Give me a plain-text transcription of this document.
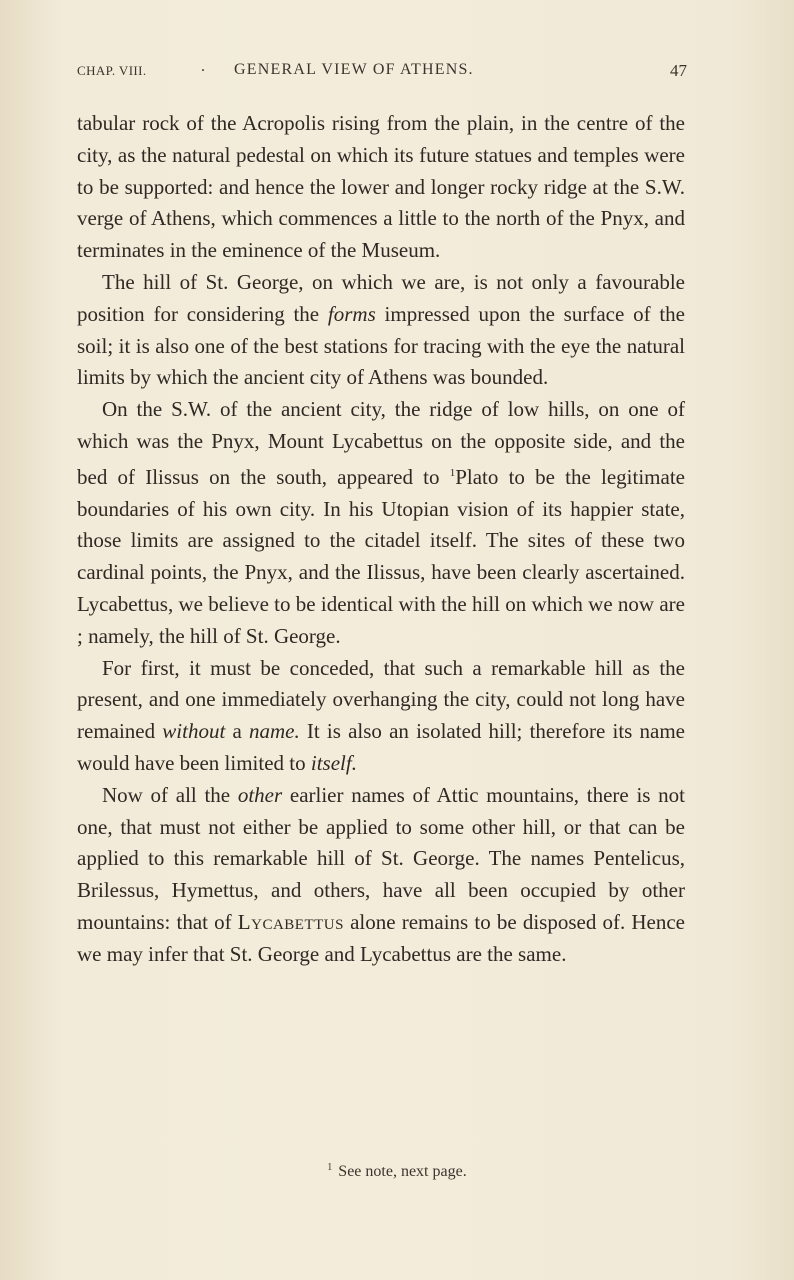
CHAP. VIII.	. GENERAL VIEW OF ATHENS.	47

tabular rock of the Acropolis rising from the plain, in the centre of the city, as the natural pedestal on which its future statues and temples were to be supported: and hence the lower and longer rocky ridge at the S.W. verge of Athens, which commences a little to the north of the Pnyx, and terminates in the eminence of the Museum.

The hill of St. George, on which we are, is not only a favourable position for considering the forms impressed upon the surface of the soil; it is also one of the best stations for tracing with the eye the natural limits by which the ancient city of Athens was bounded.

On the S.W. of the ancient city, the ridge of low hills, on one of which was the Pnyx, Mount Lycabettus on the opposite side, and the bed of Ilissus on the south, appeared to $^1$Plato to be the legitimate boundaries of his own city. In his Utopian vision of its happier state, those limits are assigned to the citadel itself. The sites of these two cardinal points, the Pnyx, and the Ilissus, have been clearly ascertained. Lycabettus, we believe to be identical with the hill on which we now are ; namely, the hill of St. George.

For first, it must be conceded, that such a remarkable hill as the present, and one immediately overhanging the city, could not long have remained without a name. It is also an isolated hill; therefore its name would have been limited to itself.

Now of all the other earlier names of Attic mountains, there is not one, that must not either be applied to some other hill, or that can be applied to this remarkable hill of St. George. The names Pentelicus, Brilessus, Hymettus, and others, have all been occupied by other mountains: that of Lycabettus alone remains to be disposed of. Hence we may infer that St. George and Lycabettus are the same.

$^1$ See note, next page.
